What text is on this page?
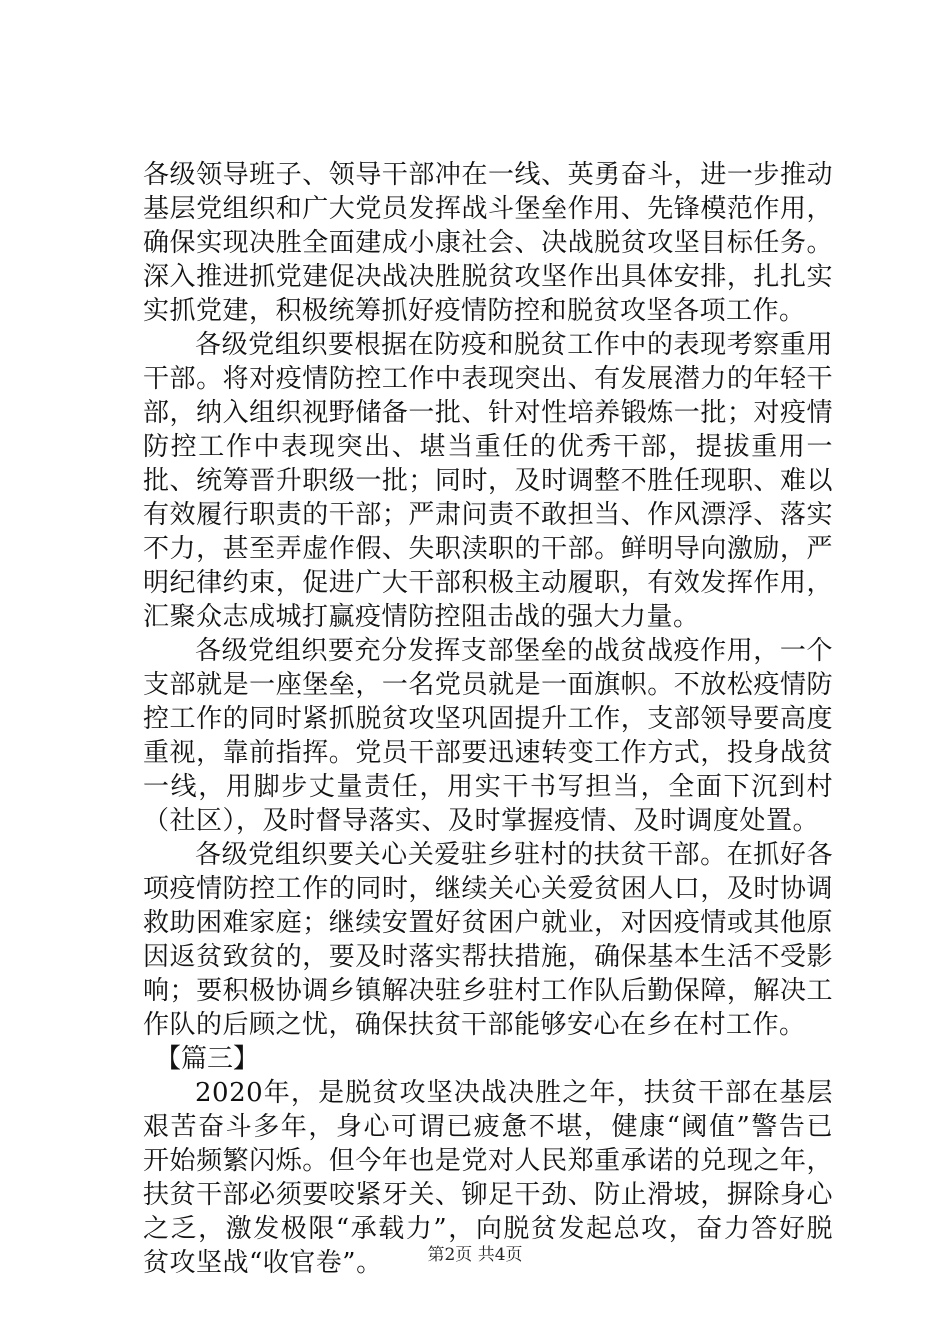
各级领导班子、领导干部冲在一线、英勇奋斗，进一步推动基层党组织和广大党员发挥战斗堡垒作用、先锋模范作用，确保实现决胜全面建成小康社会、决战脱贫攻坚目标任务。深入推进抓党建促决战决胜脱贫攻坚作出具体安排，扎扎实实抓党建，积极统筹抓好疫情防控和脱贫攻坚各项工作。

各级党组织要根据在防疫和脱贫工作中的表现考察重用干部。将对疫情防控工作中表现突出、有发展潜力的年轻干部，纳入组织视野储备一批、针对性培养锻炼一批；对疫情防控工作中表现突出、堪当重任的优秀干部，提拔重用一批、统筹晋升职级一批；同时，及时调整不胜任现职、难以有效履行职责的干部；严肃问责不敢担当、作风漂浮、落实不力，甚至弄虚作假、失职渎职的干部。鲜明导向激励，严明纪律约束，促进广大干部积极主动履职，有效发挥作用，汇聚众志成城打赢疫情防控阻击战的强大力量。

各级党组织要充分发挥支部堡垒的战贫战疫作用，一个支部就是一座堡垒，一名党员就是一面旗帜。不放松疫情防控工作的同时紧抓脱贫攻坚巩固提升工作，支部领导要高度重视，靠前指挥。党员干部要迅速转变工作方式，投身战贫一线，用脚步丈量责任，用实干书写担当，全面下沉到村（社区），及时督导落实、及时掌握疫情、及时调度处置。

各级党组织要关心关爱驻乡驻村的扶贫干部。在抓好各项疫情防控工作的同时，继续关心关爱贫困人口，及时协调救助困难家庭；继续安置好贫困户就业，对因疫情或其他原因返贫致贫的，要及时落实帮扶措施，确保基本生活不受影响；要积极协调乡镇解决驻乡驻村工作队后勤保障，解决工作队的后顾之忧，确保扶贫干部能够安心在乡在村工作。

【篇三】

2020年，是脱贫攻坚决战决胜之年，扶贫干部在基层艰苦奋斗多年，身心可谓已疲惫不堪，健康“阈值”警告已开始频繁闪烁。但今年也是党对人民郑重承诺的兑现之年，扶贫干部必须要咬紧牙关、铆足干劲、防止滑坡，摒除身心之乏，激发极限“承载力”，向脱贫发起总攻，奋力答好脱贫攻坚战“收官卷”。	第2页 共4页
